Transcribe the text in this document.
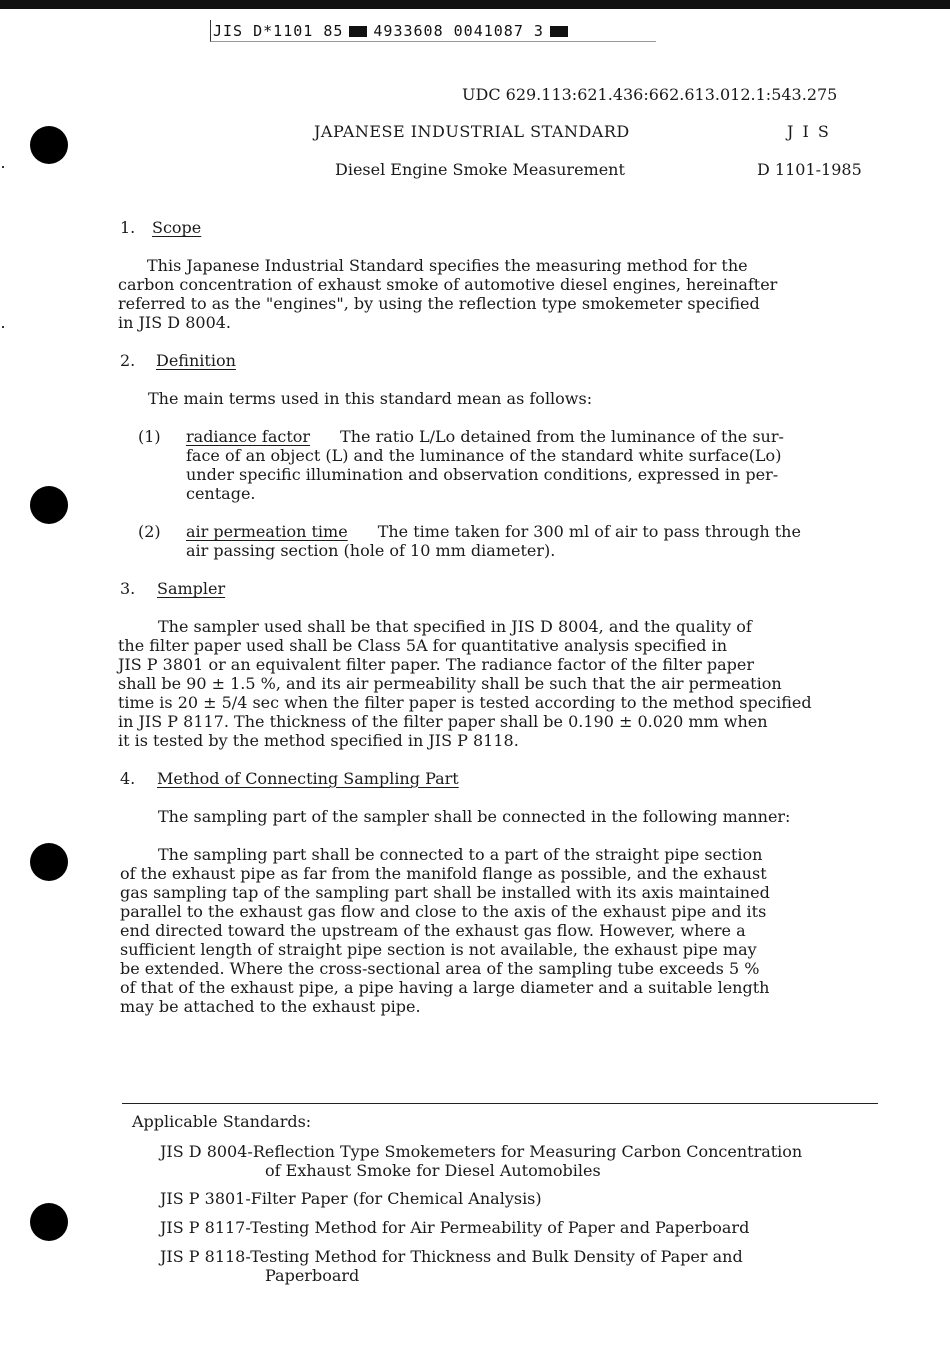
JIS D*1101 85 4933608 0041087 3
UDC 629.113:621.436:662.613.012.1:543.275
JAPANESE INDUSTRIAL STANDARD	J I S
Diesel Engine Smoke Measurement	D 1101-1985
1. Scope
This Japanese Industrial Standard specifies the measuring method for the
carbon concentration of exhaust smoke of automotive diesel engines, hereinafter
referred to as the "engines", by using the reflection type smokemeter specified
in JIS D 8004.
2. Definition
The main terms used in this standard mean as follows:
(1) radiance factor The ratio L/Lo detained from the luminance of the sur-
face of an object (L) and the luminance of the standard white surface(Lo)
under specific illumination and observation conditions, expressed in per-
centage.
(2) air permeation time The time taken for 300 ml of air to pass through the
air passing section (hole of 10 mm diameter).
3. Sampler
The sampler used shall be that specified in JIS D 8004, and the quality of
the filter paper used shall be Class 5A for quantitative analysis specified in
JIS P 3801 or an equivalent filter paper. The radiance factor of the filter paper
shall be 90 ± 1.5 %, and its air permeability shall be such that the air permeation
time is 20 ± 5/4 sec when the filter paper is tested according to the method specified
in JIS P 8117. The thickness of the filter paper shall be 0.190 ± 0.020 mm when
it is tested by the method specified in JIS P 8118.
4. Method of Connecting Sampling Part
The sampling part of the sampler shall be connected in the following manner:
The sampling part shall be connected to a part of the straight pipe section
of the exhaust pipe as far from the manifold flange as possible, and the exhaust
gas sampling tap of the sampling part shall be installed with its axis maintained
parallel to the exhaust gas flow and close to the axis of the exhaust pipe and its
end directed toward the upstream of the exhaust gas flow. However, where a
sufficient length of straight pipe section is not available, the exhaust pipe may
be extended. Where the cross-sectional area of the sampling tube exceeds 5 %
of that of the exhaust pipe, a pipe having a large diameter and a suitable length
may be attached to the exhaust pipe.
Applicable Standards:
JIS D 8004-Reflection Type Smokemeters for Measuring Carbon Concentration
of Exhaust Smoke for Diesel Automobiles
JIS P 3801-Filter Paper (for Chemical Analysis)
JIS P 8117-Testing Method for Air Permeability of Paper and Paperboard
JIS P 8118-Testing Method for Thickness and Bulk Density of Paper and
Paperboard
